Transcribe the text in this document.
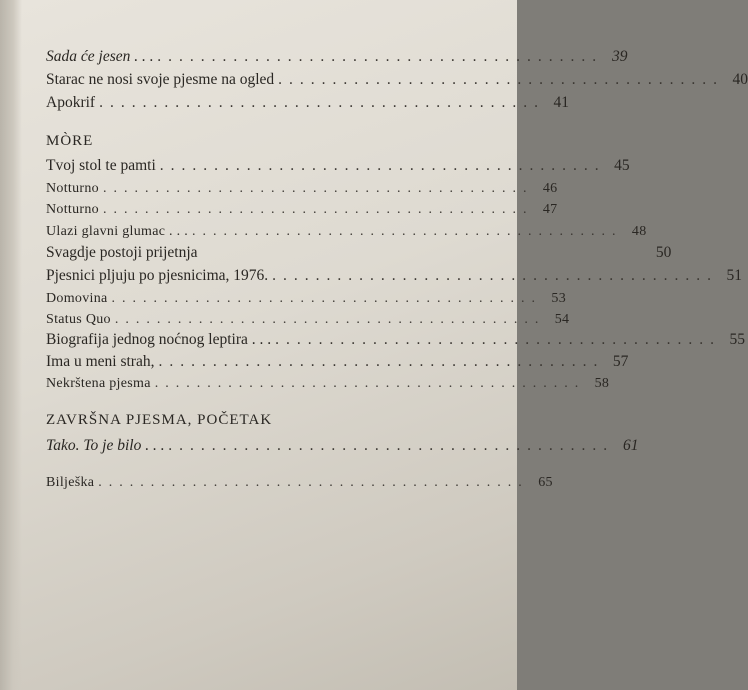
Sada će jesen . . . ......................................... 39
Starac ne nosi svoje pjesme na ogled ......................................... 40
Apokrif ......................................... 41
MÒRE
Tvoj stol te pamti ......................................... 45
Notturno ......................................... 46
Notturno ......................................... 47
Ulazi glavni glumac . . . ......................................... 48
Svagdje postoji prijetnja	50
Pjesnici pljuju po pjesnicima, 1976. ......................................... 51
Domovina ......................................... 53
Status Quo ......................................... 54
Biografija jednog noćnog leptira . . . ......................................... 55
Ima u meni strah, ......................................... 57
Nekrštena pjesma ......................................... 58
ZAVRŠNA PJESMA, POČETAK
Tako. To je bilo . . . ......................................... 61
Bilješka ......................................... 65
